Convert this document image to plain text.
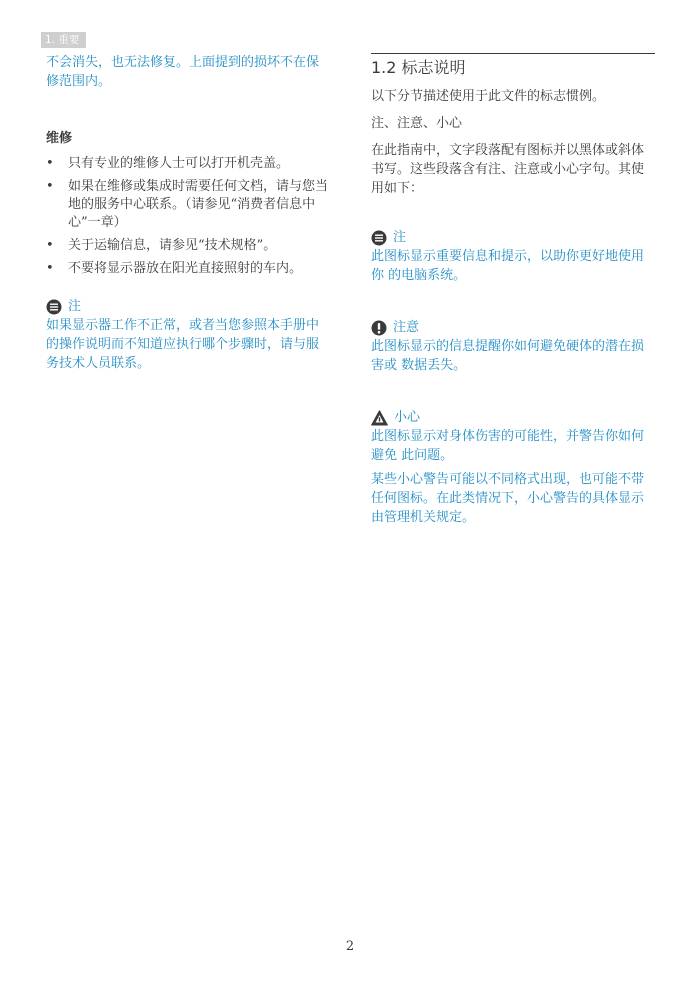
1. 重要

不会消失，也无法修复。上面提到的损坏不在保修范围内。

维修

• 只有专业的维修人士可以打开机壳盖。
• 如果在维修或集成时需要任何文档，请与您当地的服务中心联系。（请参见“消费者信息中心”一章）
• 关于运输信息，请参见“技术规格”。
• 不要将显示器放在阳光直接照射的车内。
注

如果显示器工作不正常，或者当您参照本手册中的操作说明而不知道应执行哪个步骤时，请与服务技术人员联系。

1.2 标志说明

以下分节描述使用于此文件的标志惯例。

注、注意、小心

在此指南中，文字段落配有图标并以黑体或斜体书写。这些段落含有注、注意或小心字句。其使用如下：

注

此图标显示重要信息和提示，以助你更好地使用你 的电脑系统。

注意

此图标显示的信息提醒你如何避免硬体的潜在损害或 数据丢失。

小心

此图标显示对身体伤害的可能性，并警告你如何避免 此问题。

某些小心警告可能以不同格式出现，也可能不带任何图标。在此类情况下，小心警告的具体显示由管理机关规定。

2
